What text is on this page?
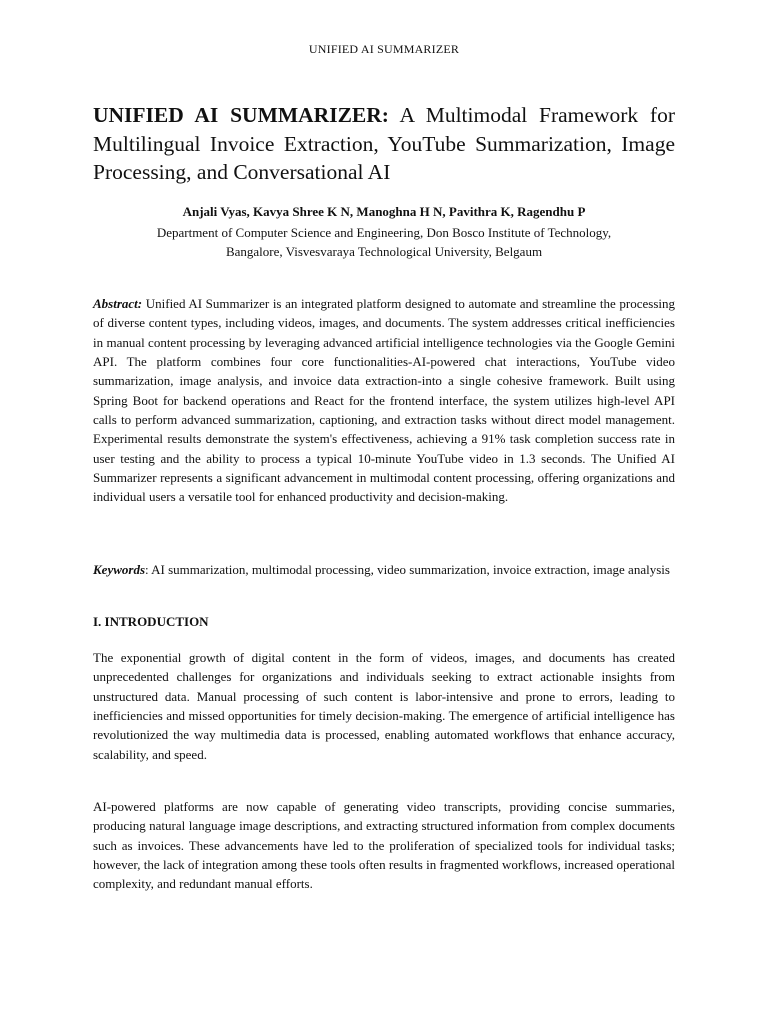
UNIFIED AI SUMMARIZER
UNIFIED AI SUMMARIZER: A Multimodal Framework for Multilingual Invoice Extraction, YouTube Summarization, Image Processing, and Conversational AI
Anjali Vyas, Kavya Shree K N, Manoghna H N, Pavithra K, Ragendhu P
Department of Computer Science and Engineering, Don Bosco Institute of Technology,
Bangalore, Visvesvaraya Technological University, Belgaum

Abstract: Unified AI Summarizer is an integrated platform designed to automate and streamline the processing of diverse content types, including videos, images, and documents. The system addresses critical inefficiencies in manual content processing by leveraging advanced artificial intelligence technologies via the Google Gemini API. The platform combines four core functionalities-AI-powered chat interactions, YouTube video summarization, image analysis, and invoice data extraction-into a single cohesive framework. Built using Spring Boot for backend operations and React for the frontend interface, the system utilizes high-level API calls to perform advanced summarization, captioning, and extraction tasks without direct model management. Experimental results demonstrate the system's effectiveness, achieving a 91% task completion success rate in user testing and the ability to process a typical 10-minute YouTube video in 1.3 seconds. The Unified AI Summarizer represents a significant advancement in multimodal content processing, offering organizations and individual users a versatile tool for enhanced productivity and decision-making.

Keywords: AI summarization, multimodal processing, video summarization, invoice extraction, image analysis

I. INTRODUCTION

The exponential growth of digital content in the form of videos, images, and documents has created unprecedented challenges for organizations and individuals seeking to extract actionable insights from unstructured data. Manual processing of such content is labor-intensive and prone to errors, leading to inefficiencies and missed opportunities for timely decision-making. The emergence of artificial intelligence has revolutionized the way multimedia data is processed, enabling automated workflows that enhance accuracy, scalability, and speed.

AI-powered platforms are now capable of generating video transcripts, providing concise summaries, producing natural language image descriptions, and extracting structured information from complex documents such as invoices. These advancements have led to the proliferation of specialized tools for individual tasks; however, the lack of integration among these tools often results in fragmented workflows, increased operational complexity, and redundant manual efforts.
